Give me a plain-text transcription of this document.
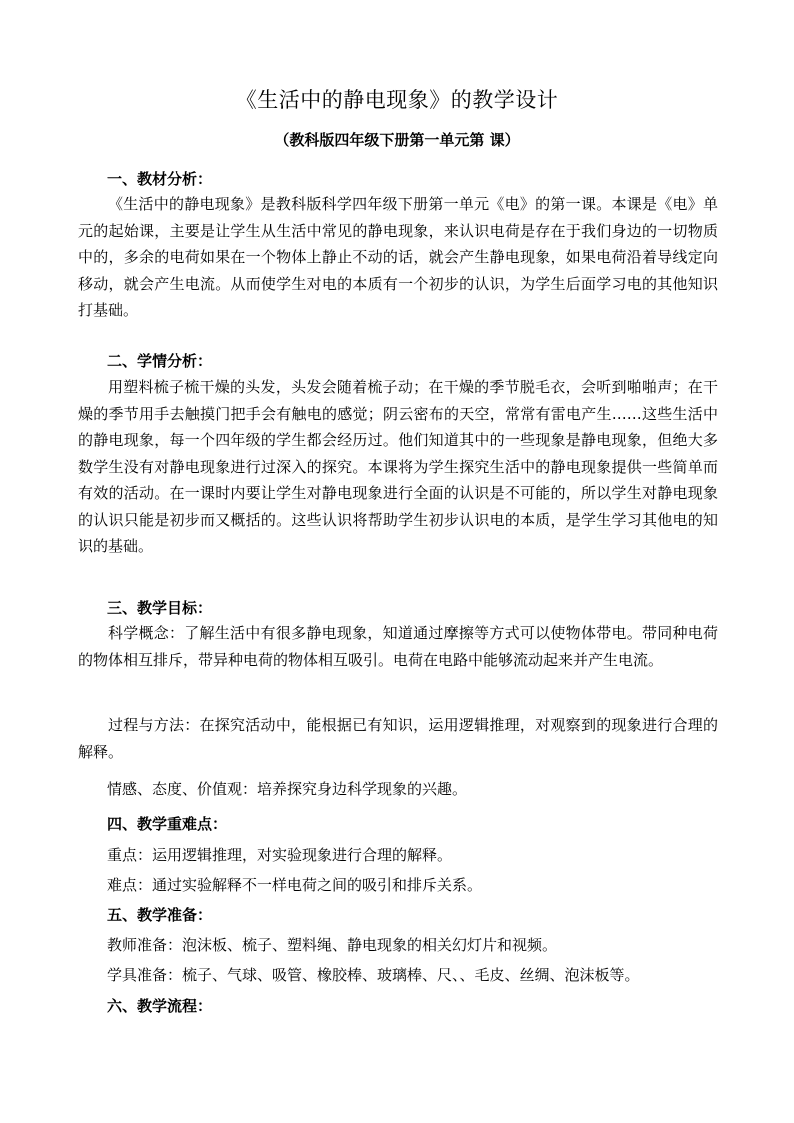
《生活中的静电现象》的教学设计
（教科版四年级下册第一单元第 课）
一、教材分析：
《生活中的静电现象》是教科版科学四年级下册第一单元《电》的第一课。本课是《电》单元的起始课，主要是让学生从生活中常见的静电现象，来认识电荷是存在于我们身边的一切物质中的，多余的电荷如果在一个物体上静止不动的话，就会产生静电现象，如果电荷沿着导线定向移动，就会产生电流。从而使学生对电的本质有一个初步的认识，为学生后面学习电的其他知识打基础。
二、学情分析：
用塑料梳子梳干燥的头发，头发会随着梳子动；在干燥的季节脱毛衣，会听到啪啪声；在干燥的季节用手去触摸门把手会有触电的感觉；阴云密布的天空，常常有雷电产生……这些生活中的静电现象，每一个四年级的学生都会经历过。他们知道其中的一些现象是静电现象，但绝大多数学生没有对静电现象进行过深入的探究。本课将为学生探究生活中的静电现象提供一些简单而有效的活动。在一课时内要让学生对静电现象进行全面的认识是不可能的，所以学生对静电现象的认识只能是初步而又概括的。这些认识将帮助学生初步认识电的本质，是学生学习其他电的知识的基础。
三、教学目标：
科学概念：了解生活中有很多静电现象，知道通过摩擦等方式可以使物体带电。带同种电荷的物体相互排斥，带异种电荷的物体相互吸引。电荷在电路中能够流动起来并产生电流。
过程与方法：在探究活动中，能根据已有知识，运用逻辑推理，对观察到的现象进行合理的解释。
情感、态度、价值观：培养探究身边科学现象的兴趣。
四、教学重难点：
重点：运用逻辑推理，对实验现象进行合理的解释。
难点：通过实验解释不一样电荷之间的吸引和排斥关系。
五、教学准备：
教师准备：泡沫板、梳子、塑料绳、静电现象的相关幻灯片和视频。
学具准备：梳子、气球、吸管、橡胶棒、玻璃棒、尺、、毛皮、丝绸、泡沫板等。
六、教学流程：
